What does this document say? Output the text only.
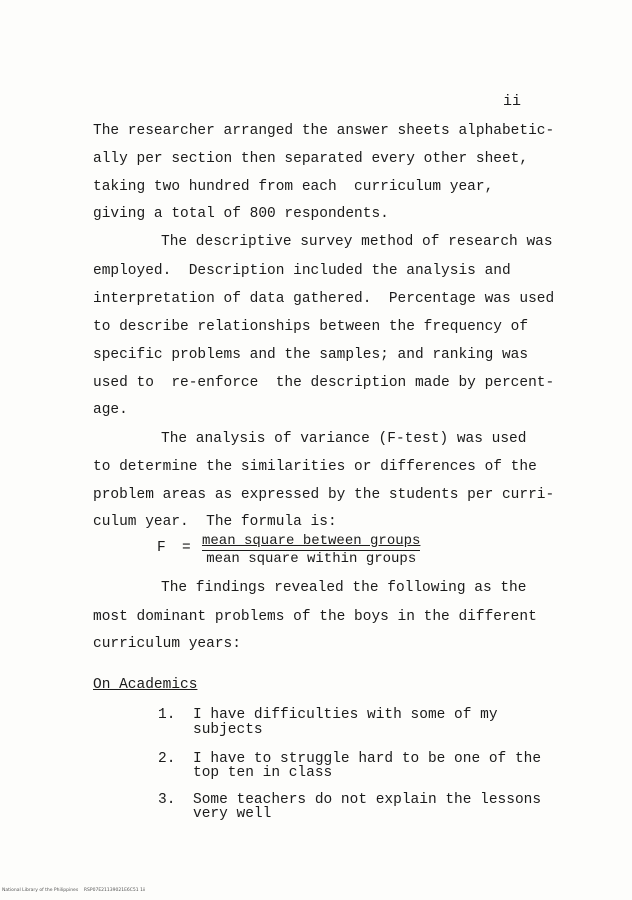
ii
The researcher arranged the answer sheets alphabetic-
ally per section then separated every other sheet,
taking two hundred from each  curriculum year,
giving a total of 800 respondents.
The descriptive survey method of research was
employed.  Description included the analysis and
interpretation of data gathered.  Percentage was used
to describe relationships between the frequency of
specific problems and the samples; and ranking was
used to  re-enforce  the description made by percent-
age.
The analysis of variance (F-test) was used
to determine the similarities or differences of the
problem areas as expressed by the students per curri-
culum year.  The formula is:
F = mean square between groups
mean square within groups
The findings revealed the following as the
most dominant problems of the boys in the different
curriculum years:
On Academics
1. I have difficulties with some of my
subjects
2. I have to struggle hard to be one of the
top ten in class
3. Some teachers do not explain the lessons
very well
National Library of the Philippines    RSP07E21139021E6C51 1ii
